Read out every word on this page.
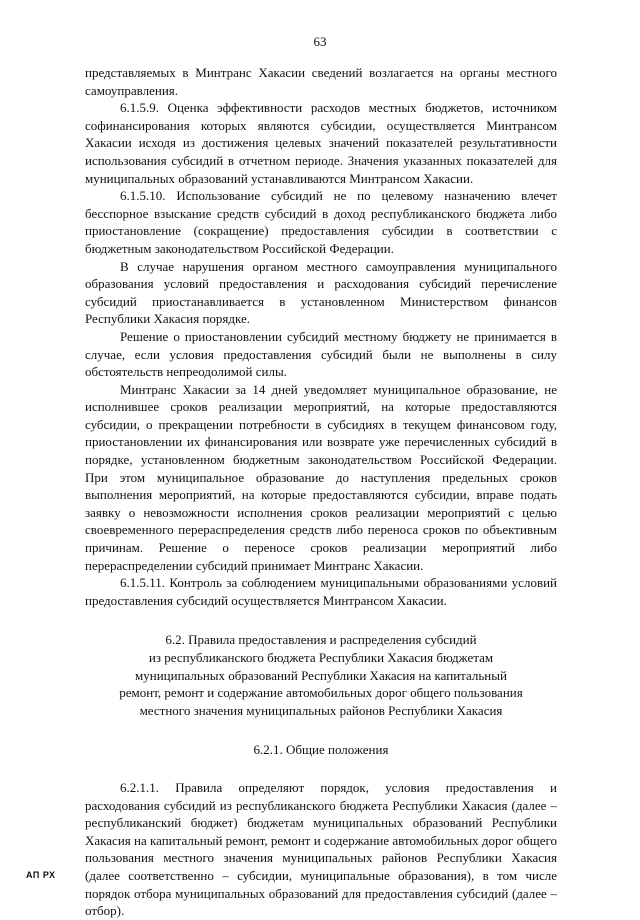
63

представляемых в Минтранс Хакасии сведений возлагается на органы местного самоуправления.

6.1.5.9. Оценка эффективности расходов местных бюджетов, источником софинансирования которых являются субсидии, осуществляется Минтрансом Хакасии исходя из достижения целевых значений показателей результативности использования субсидий в отчетном периоде. Значения указанных показателей для муниципальных образований устанавливаются Минтрансом Хакасии.

6.1.5.10. Использование субсидий не по целевому назначению влечет бесспорное взыскание средств субсидий в доход республиканского бюджета либо приостановление (сокращение) предоставления субсидии в соответствии с бюджетным законодательством Российской Федерации.

В случае нарушения органом местного самоуправления муниципального образования условий предоставления и расходования субсидий перечисление субсидий приостанавливается в установленном Министерством финансов Республики Хакасия порядке.

Решение о приостановлении субсидий местному бюджету не принимается в случае, если условия предоставления субсидий были не выполнены в силу обстоятельств непреодолимой силы.

Минтранс Хакасии за 14 дней уведомляет муниципальное образование, не исполнившее сроков реализации мероприятий, на которые предоставляются субсидии, о прекращении потребности в субсидиях в текущем финансовом году, приостановлении их финансирования или возврате уже перечисленных субсидий в порядке, установленном бюджетным законодательством Российской Федерации. При этом муниципальное образование до наступления предельных сроков выполнения мероприятий, на которые предоставляются субсидии, вправе подать заявку о невозможности исполнения сроков реализации мероприятий с целью своевременного перераспределения средств либо переноса сроков по объективным причинам. Решение о переносе сроков реализации мероприятий либо перераспределении субсидий принимает Минтранс Хакасии.

6.1.5.11. Контроль за соблюдением муниципальными образованиями условий предоставления субсидий осуществляется Минтрансом Хакасии.

6.2. Правила предоставления и распределения субсидий
из республиканского бюджета Республики Хакасия бюджетам
муниципальных образований Республики Хакасия на капитальный
ремонт, ремонт и содержание автомобильных дорог общего пользования
местного значения муниципальных районов Республики Хакасия
6.2.1. Общие положения

6.2.1.1. Правила определяют порядок, условия предоставления и расходования субсидий из республиканского бюджета Республики Хакасия (далее – республиканский бюджет) бюджетам муниципальных образований Республики Хакасия на капитальный ремонт, ремонт и содержание автомобильных дорог общего пользования местного значения муниципальных районов Республики Хакасия (далее соответственно – субсидии, муниципальные образования), в том числе порядок отбора муниципальных образований для предоставления субсидий (далее – отбор).

АП РХ
